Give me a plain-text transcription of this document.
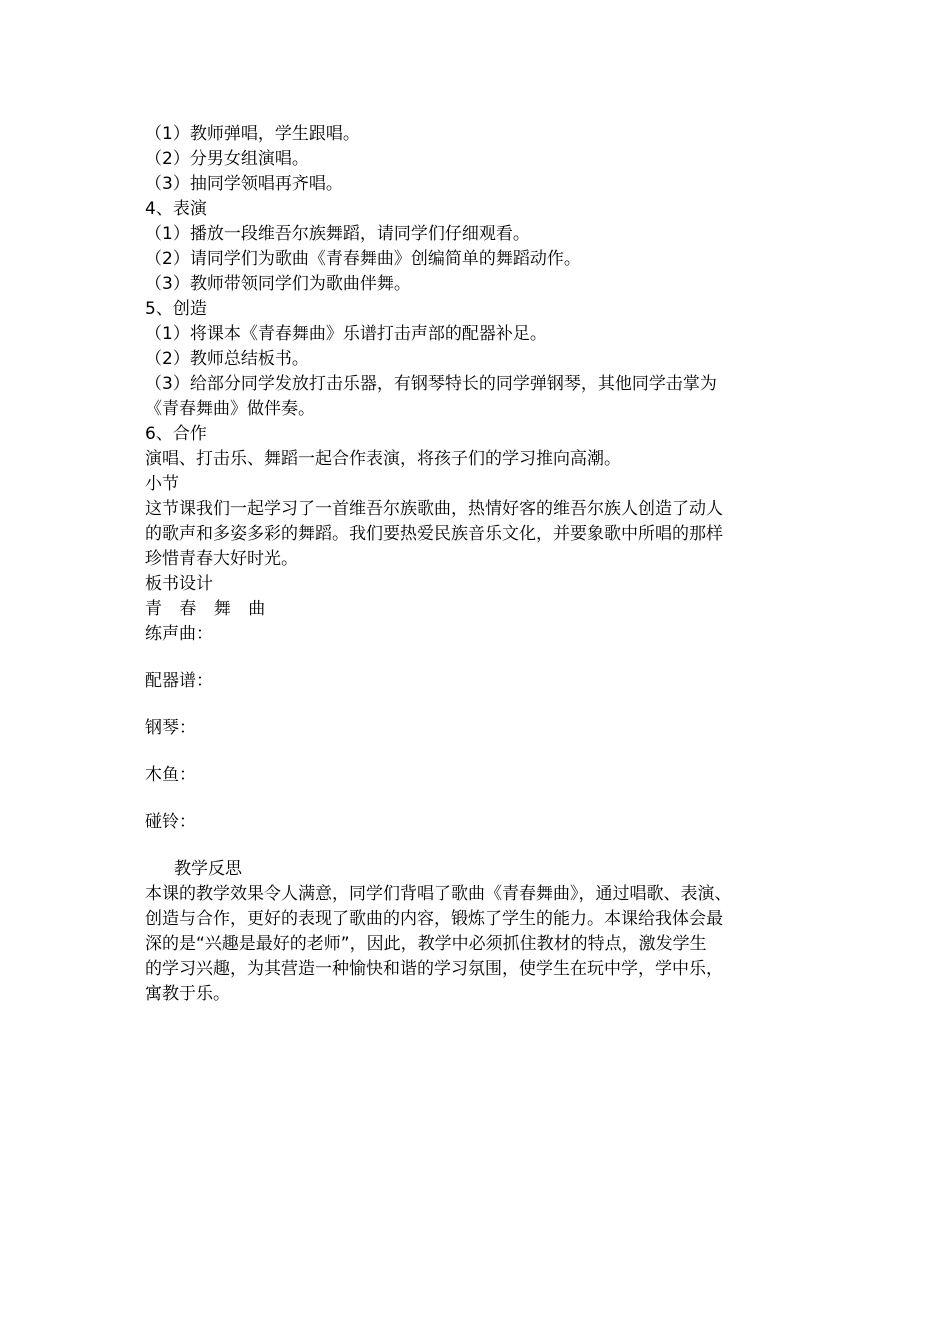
（1）教师弹唱，学生跟唱。
（2）分男女组演唱。
（3）抽同学领唱再齐唱。
4、表演
（1）播放一段维吾尔族舞蹈，请同学们仔细观看。
（2）请同学们为歌曲《青春舞曲》创编简单的舞蹈动作。
（3）教师带领同学们为歌曲伴舞。
5、创造
（1）将课本《青春舞曲》乐谱打击声部的配器补足。
（2）教师总结板书。
（3）给部分同学发放打击乐器，有钢琴特长的同学弹钢琴，其他同学击掌为
《青春舞曲》做伴奏。
6、合作
演唱、打击乐、舞蹈一起合作表演，将孩子们的学习推向高潮。
小节
这节课我们一起学习了一首维吾尔族歌曲，热情好客的维吾尔族人创造了动人
的歌声和多姿多彩的舞蹈。我们要热爱民族音乐文化，并要象歌中所唱的那样
珍惜青春大好时光。
板书设计
青 春 舞 曲
练声曲：
配器谱：
钢琴：
木鱼：
碰铃：
教学反思
本课的教学效果令人满意，同学们背唱了歌曲《青春舞曲》，通过唱歌、表演、
创造与合作，更好的表现了歌曲的内容，锻炼了学生的能力。本课给我体会最
深的是“兴趣是最好的老师”，因此，教学中必须抓住教材的特点，激发学生
的学习兴趣，为其营造一种愉快和谐的学习氛围，使学生在玩中学，学中乐，
寓教于乐。
